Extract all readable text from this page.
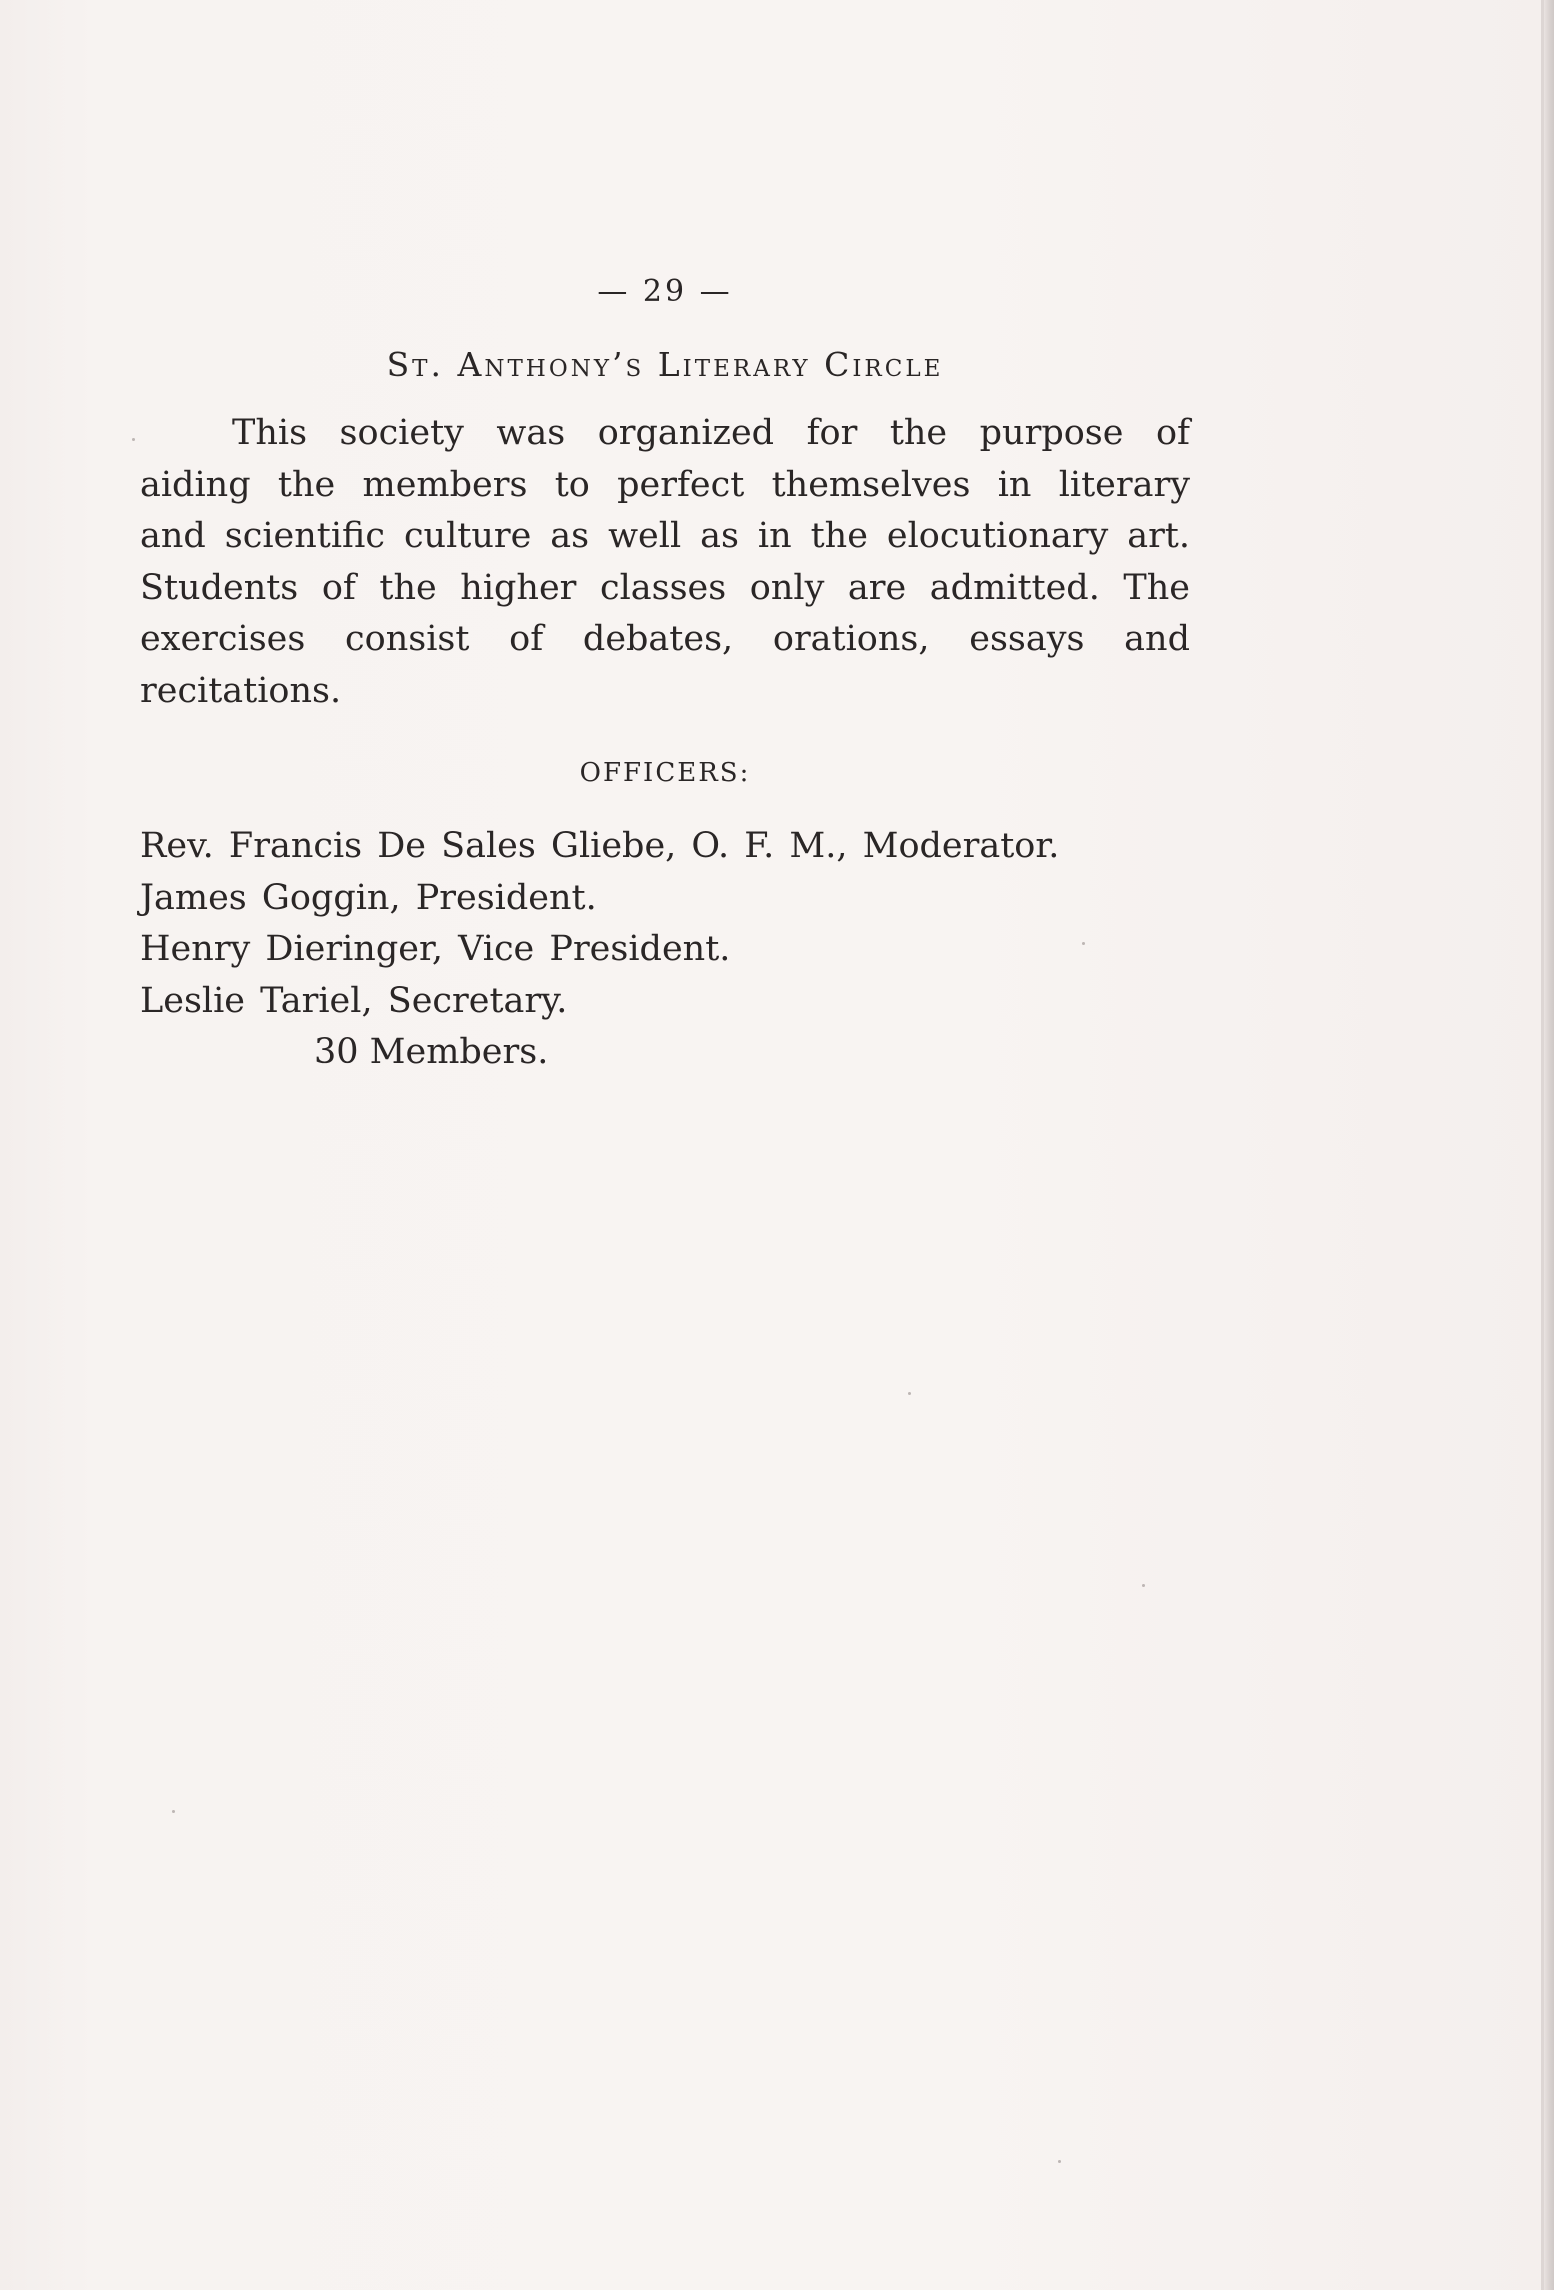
— 29 —

St. Anthony’s Literary Circle

This society was organized for the purpose of aiding the members to perfect themselves in literary and scientific culture as well as in the elocutionary art. Students of the higher classes only are admitted. The exercises consist of debates, orations, essays and recitations.

OFFICERS:
Rev. Francis De Sales Gliebe, O. F. M., Moderator.
James Goggin, President.
Henry Dieringer, Vice President.
Leslie Tariel, Secretary.

30 Members.
